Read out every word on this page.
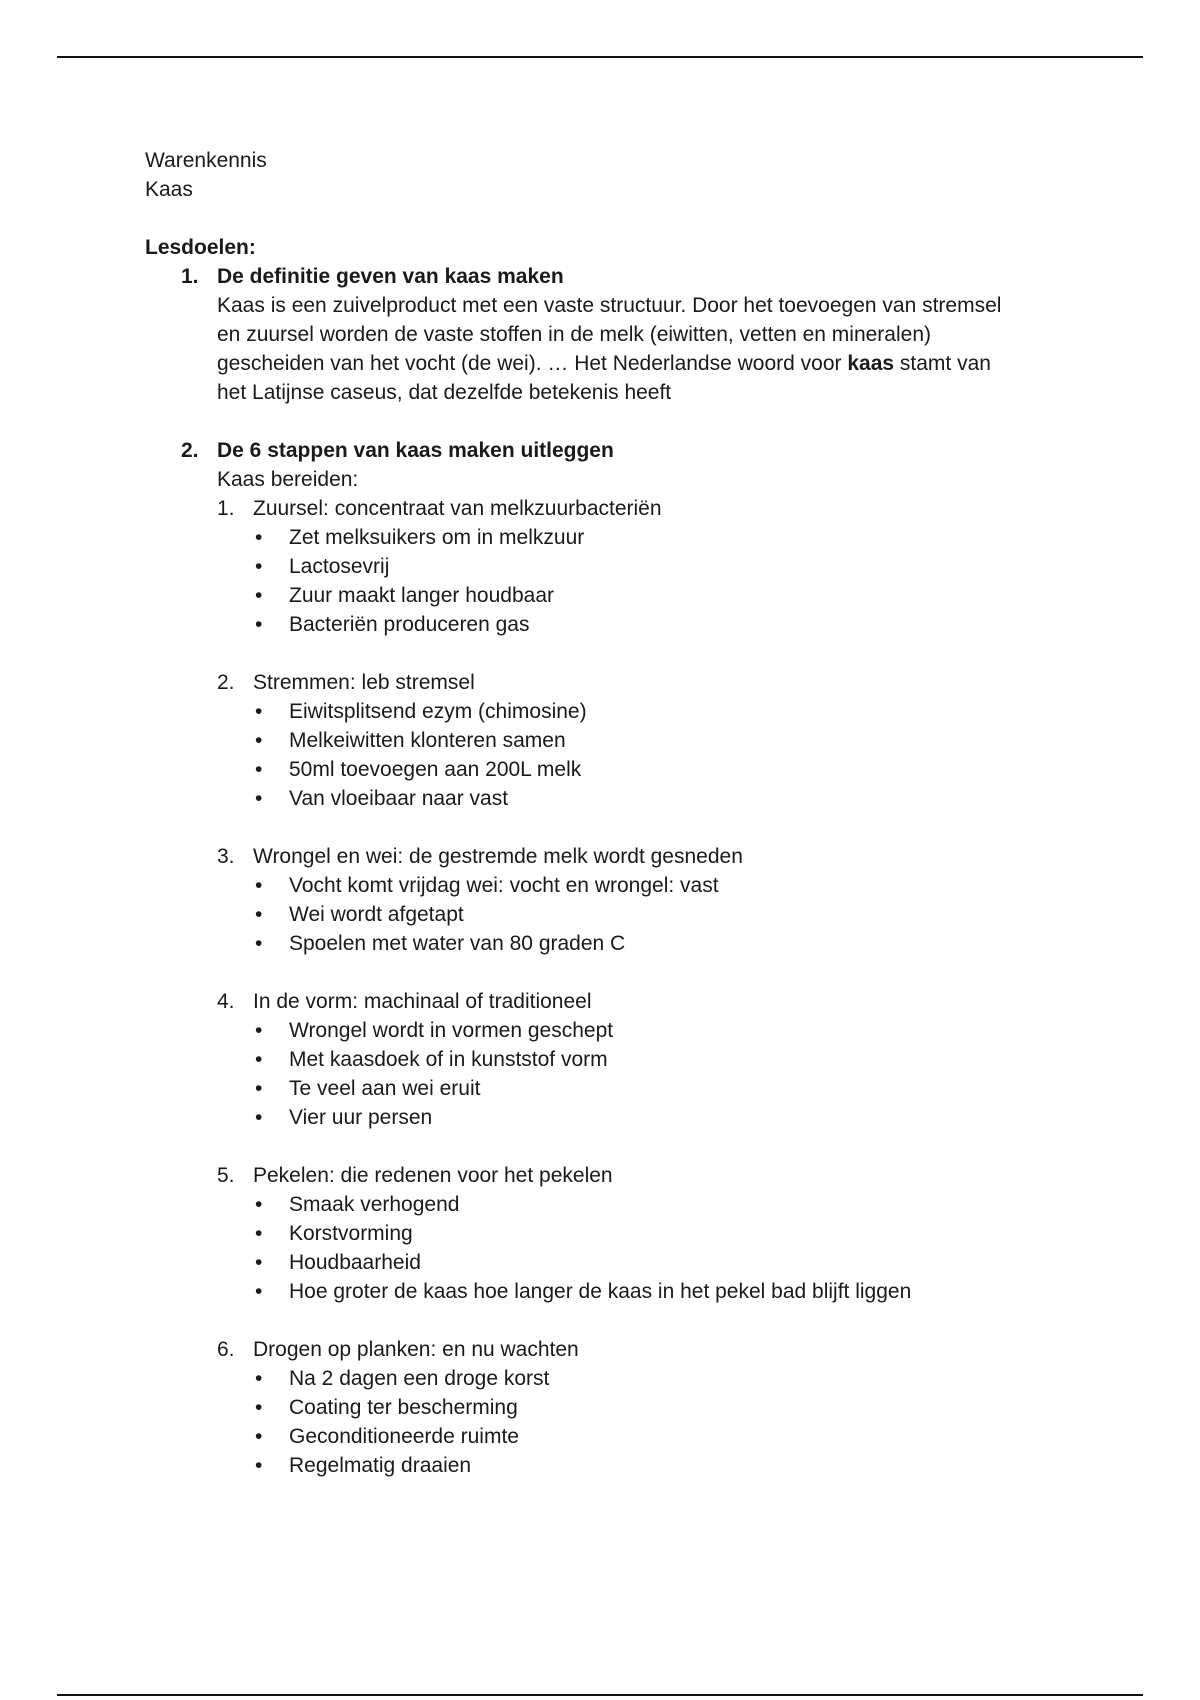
Warenkennis

Kaas

Lesdoelen:

1. De definitie geven van kaas maken

Kaas is een zuivelproduct met een vaste structuur. Door het toevoegen van stremsel

en zuursel worden de vaste stoffen in de melk (eiwitten, vetten en mineralen)

gescheiden van het vocht (de wei). … Het Nederlandse woord voor kaas stamt van

het Latijnse caseus, dat dezelfde betekenis heeft

2. De 6 stappen van kaas maken uitleggen

Kaas bereiden:

1. Zuursel: concentraat van melkzuurbacteriën

• Zet melksuikers om in melkzuur
• Lactosevrij
• Zuur maakt langer houdbaar
• Bacteriën produceren gas
2. Stremmen: leb stremsel

• Eiwitsplitsend ezym (chimosine)
• Melkeiwitten klonteren samen
• 50ml toevoegen aan 200L melk
• Van vloeibaar naar vast
3. Wrongel en wei: de gestremde melk wordt gesneden

• Vocht komt vrijdag wei: vocht en wrongel: vast
• Wei wordt afgetapt
• Spoelen met water van 80 graden C
4. In de vorm: machinaal of traditioneel

• Wrongel wordt in vormen geschept
• Met kaasdoek of in kunststof vorm
• Te veel aan wei eruit
• Vier uur persen
5. Pekelen: die redenen voor het pekelen

• Smaak verhogend
• Korstvorming
• Houdbaarheid
• Hoe groter de kaas hoe langer de kaas in het pekel bad blijft liggen
6. Drogen op planken: en nu wachten

• Na 2 dagen een droge korst
• Coating ter bescherming
• Geconditioneerde ruimte
• Regelmatig draaien
